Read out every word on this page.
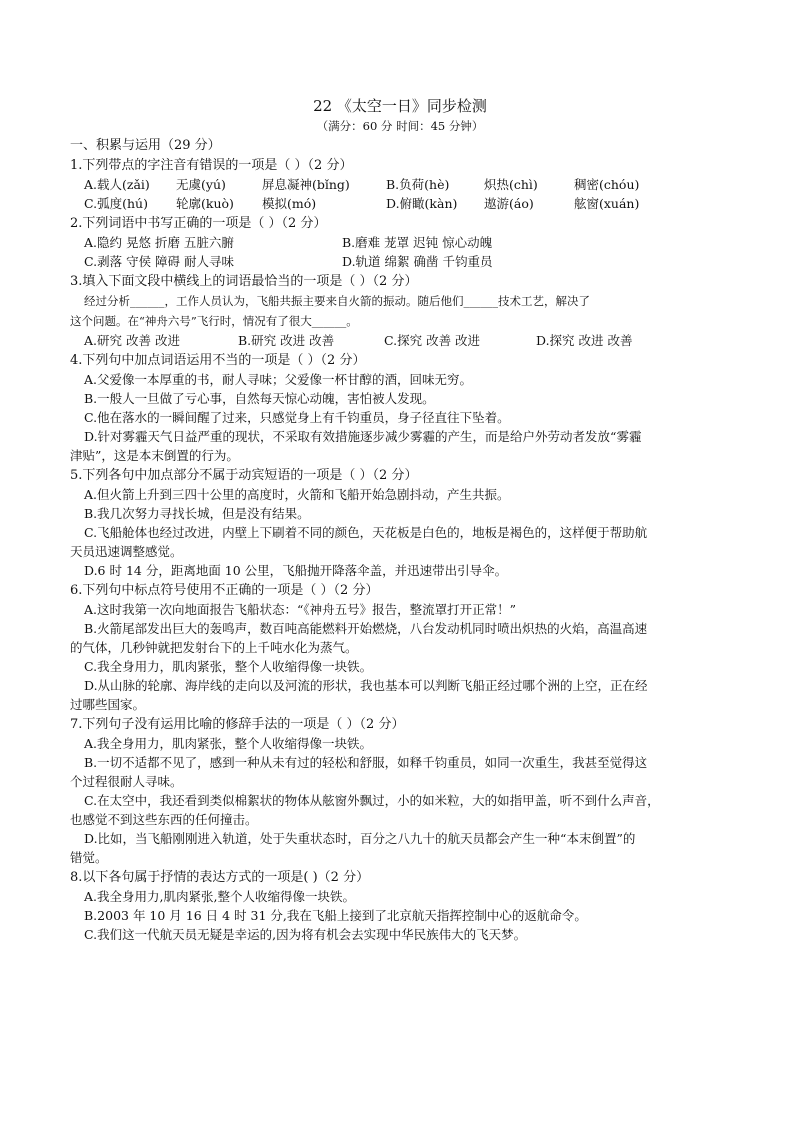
22 《太空一日》同步检测

（满分：60 分 时间：45 分钟）

一、积累与运用（29 分）
1.下列带点的字注音有错误的一项是（ ）（2 分）
A.载人(zǎi)	无虞(yú)	屏息凝神(bǐng)	B.负荷(hè)	炽热(chì)	稠密(chóu)
C.弧度(hú)	轮廓(kuò)	模拟(mó)	D.俯瞰(kàn)	遨游(áo)	舷窗(xuán)
2.下列词语中书写正确的一项是（ ）（2 分）
A.隐约 晃悠 折磨 五脏六腑	B.磨难 茏罩 迟钝 惊心动魄
C.剥落 守侯 障碍 耐人寻味	D.轨道 绵絮 确凿 千钧重员
3.填入下面文段中横线上的词语最恰当的一项是（ ）（2 分）

经过分析______，工作人员认为，飞船共振主要来自火箭的振动。随后他们______技术工艺，解决了

这个问题。在“神舟六号”飞行时，情况有了很大______。

A.研究 改善 改进	B.研究 改进 改善	C.探究 改善 改进	D.探究 改进 改善
4.下列句中加点词语运用不当的一项是（ ）（2 分）
A.父爱像一本厚重的书，耐人寻味；父爱像一杯甘醇的酒，回味无穷。
B.一般人一旦做了亏心事，自然每天惊心动魄，害怕被人发现。
C.他在落水的一瞬间醒了过来，只感觉身上有千钧重员，身子径直往下坠着。
D.针对雾霾天气日益严重的现状，不采取有效措施逐步减少雾霾的产生，而是给户外劳动者发放“雾霾
津贴”，这是本末倒置的行为。
5.下列各句中加点部分不属于动宾短语的一项是（ ）（2 分）
A.但火箭上升到三四十公里的高度时，火箭和飞船开始急剧抖动，产生共振。
B.我几次努力寻找长城，但是没有结果。
C.飞船舱体也经过改进，内壁上下刷着不同的颜色，天花板是白色的，地板是褐色的，这样便于帮助航
天员迅速调整感觉。
D.6 时 14 分，距离地面 10 公里，飞船抛开降落伞盖，并迅速带出引导伞。
6.下列句中标点符号使用不正确的一项是（ ）（2 分）
A.这时我第一次向地面报告飞船状态：“《神舟五号》报告，整流罩打开正常！”
B.火箭尾部发出巨大的轰鸣声，数百吨高能燃料开始燃烧，八台发动机同时喷出炽热的火焰，高温高速
的气体，几秒钟就把发射台下的上千吨水化为蒸气。
C.我全身用力，肌肉紧张，整个人收缩得像一块铁。
D.从山脉的轮廓、海岸线的走向以及河流的形状，我也基本可以判断飞船正经过哪个洲的上空，正在经
过哪些国家。
7.下列句子没有运用比喻的修辞手法的一项是（ ）（2 分）
A.我全身用力，肌肉紧张，整个人收缩得像一块铁。
B.一切不适都不见了，感到一种从未有过的轻松和舒服，如释千钧重员，如同一次重生，我甚至觉得这
个过程很耐人寻味。
C.在太空中，我还看到类似棉絮状的物体从舷窗外飘过，小的如米粒，大的如指甲盖，听不到什么声音，
也感觉不到这些东西的任何撞击。
D.比如，当飞船刚刚进入轨道，处于失重状态时，百分之八九十的航天员都会产生一种“本末倒置”的
错觉。
8.以下各句属于抒情的表达方式的一项是( )（2 分）
A.我全身用力,肌肉紧张,整个人收缩得像一块铁。
B.2003 年 10 月 16 日 4 时 31 分,我在飞船上接到了北京航天指挥控制中心的返航命令。
C.我们这一代航天员无疑是幸运的,因为将有机会去实现中华民族伟大的飞天梦。
